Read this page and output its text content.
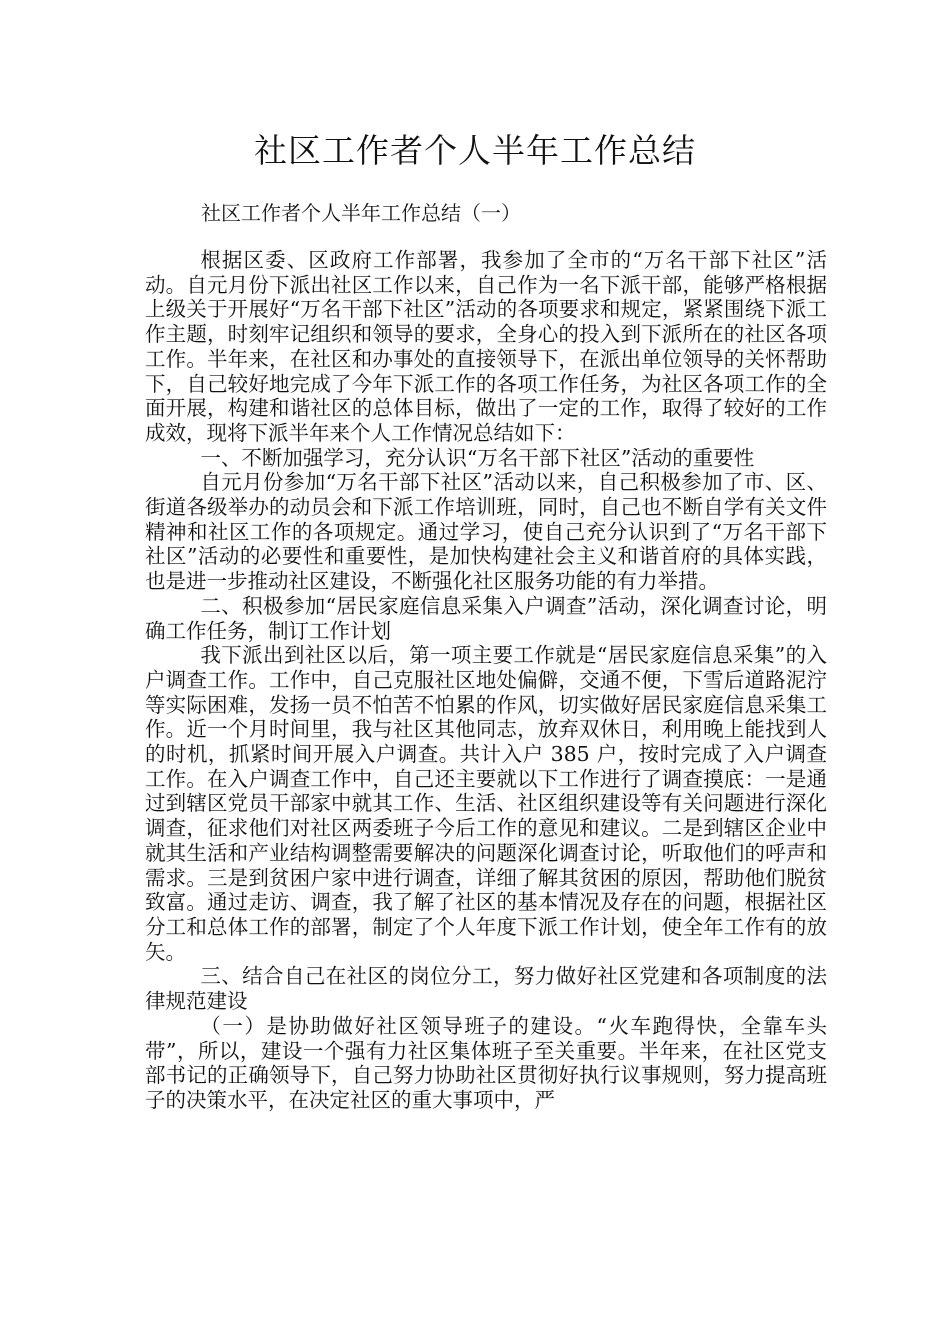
社区工作者个人半年工作总结
社区工作者个人半年工作总结（一）

根据区委、区政府工作部署，我参加了全市的“万名干部下社区”活动。自元月份下派出社区工作以来，自己作为一名下派干部，能够严格根据上级关于开展好“万名干部下社区”活动的各项要求和规定，紧紧围绕下派工作主题，时刻牢记组织和领导的要求，全身心的投入到下派所在的社区各项工作。半年来，在社区和办事处的直接领导下，在派出单位领导的关怀帮助下，自己较好地完成了今年下派工作的各项工作任务，为社区各项工作的全面开展，构建和谐社区的总体目标，做出了一定的工作，取得了较好的工作成效，现将下派半年来个人工作情况总结如下：

一、不断加强学习，充分认识“万名干部下社区”活动的重要性

自元月份参加“万名干部下社区”活动以来，自己积极参加了市、区、街道各级举办的动员会和下派工作培训班，同时，自己也不断自学有关文件精神和社区工作的各项规定。通过学习，使自己充分认识到了“万名干部下社区”活动的必要性和重要性，是加快构建社会主义和谐首府的具体实践，也是进一步推动社区建设，不断强化社区服务功能的有力举措。

二、积极参加“居民家庭信息采集入户调查”活动，深化调查讨论，明确工作任务，制订工作计划

我下派出到社区以后，第一项主要工作就是“居民家庭信息采集”的入户调查工作。工作中，自己克服社区地处偏僻，交通不便，下雪后道路泥泞等实际困难，发扬一员不怕苦不怕累的作风，切实做好居民家庭信息采集工作。近一个月时间里，我与社区其他同志，放弃双休日，利用晚上能找到人的时机，抓紧时间开展入户调查。共计入户 385 户，按时完成了入户调查工作。在入户调查工作中，自己还主要就以下工作进行了调查摸底：一是通过到辖区党员干部家中就其工作、生活、社区组织建设等有关问题进行深化调查，征求他们对社区两委班子今后工作的意见和建议。二是到辖区企业中就其生活和产业结构调整需要解决的问题深化调查讨论，听取他们的呼声和需求。三是到贫困户家中进行调查，详细了解其贫困的原因，帮助他们脱贫致富。通过走访、调查，我了解了社区的基本情况及存在的问题，根据社区分工和总体工作的部署，制定了个人年度下派工作计划，使全年工作有的放矢。

三、结合自己在社区的岗位分工，努力做好社区党建和各项制度的法律规范建设

（一）是协助做好社区领导班子的建设。“火车跑得快，全靠车头带”，所以，建设一个强有力社区集体班子至关重要。半年来，在社区党支部书记的正确领导下，自己努力协助社区贯彻好执行议事规则，努力提高班子的决策水平，在决定社区的重大事项中，严
